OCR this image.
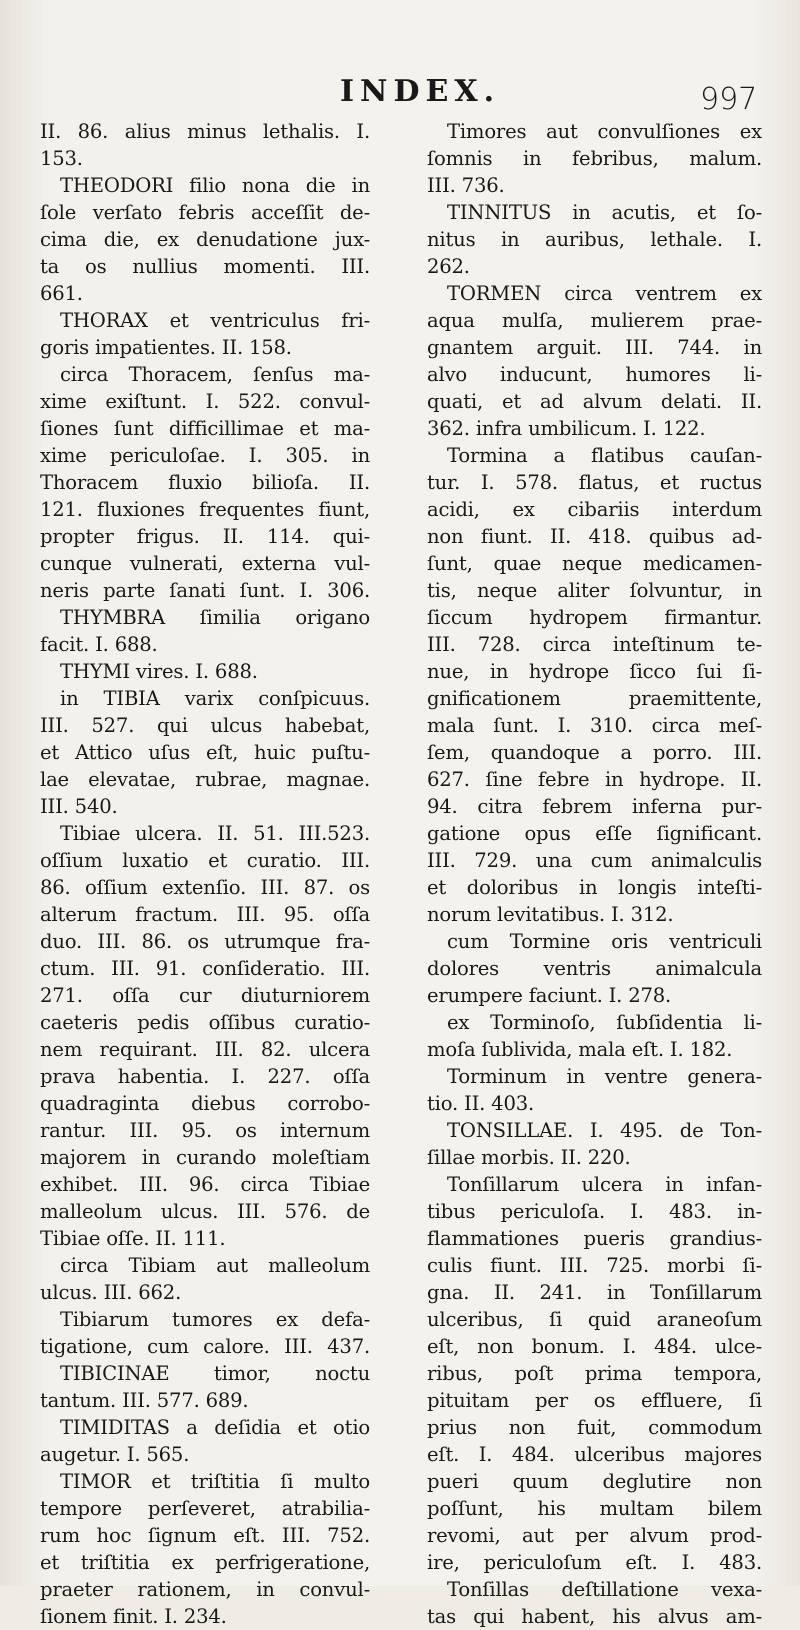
INDEX.	997
II. 86. alius minus lethalis. I.
153.
THEODORI filio nona die in
ſole verſato febris acceſſit de-
cima die, ex denudatione jux-
ta os nullius momenti. III.
661.
THORAX et ventriculus fri-
goris impatientes. II. 158.
circa Thoracem, ſenſus ma-
xime exiſtunt. I. 522. convul-
ſiones ſunt difficillimae et ma-
xime periculoſae. I. 305. in
Thoracem fluxio bilioſa. II.
121. fluxiones frequentes fiunt,
propter frigus. II. 114. qui-
cunque vulnerati, externa vul-
neris parte ſanati ſunt. I. 306.
THYMBRA ſimilia origano
facit. I. 688.
THYMI vires. I. 688.
in TIBIA varix conſpicuus.
III. 527. qui ulcus habebat,
et Attico uſus eſt, huic puſtu-
lae elevatae, rubrae, magnae.
III. 540.
Tibiae ulcera. II. 51. III.523.
oſſium luxatio et curatio. III.
86. oſſium extenſio. III. 87. os
alterum fractum. III. 95. oſſa
duo. III. 86. os utrumque fra-
ctum. III. 91. conſideratio. III.
271. oſſa cur diuturniorem
caeteris pedis oſſibus curatio-
nem requirant. III. 82. ulcera
prava habentia. I. 227. oſſa
quadraginta diebus corrobo-
rantur. III. 95. os internum
majorem in curando moleſtiam
exhibet. III. 96. circa Tibiae
malleolum ulcus. III. 576. de
Tibiae oſſe. II. 111.
circa Tibiam aut malleolum
ulcus. III. 662.
Tibiarum tumores ex defa-
tigatione, cum calore. III. 437.
TIBICINAE timor, noctu
tantum. III. 577. 689.
TIMIDITAS a deſidia et otio
augetur. I. 565.
TIMOR et triſtitia ſi multo
tempore perſeveret, atrabilia-
rum hoc ſignum eſt. III. 752.
et triſtitia ex perfrigeratione,
praeter rationem, in convul-
ſionem finit. I. 234.
Timores aut convulſiones ex
ſomnis in febribus, malum.
III. 736.
TINNITUS in acutis, et ſo-
nitus in auribus, lethale. I.
262.
TORMEN circa ventrem ex
aqua mulſa, mulierem prae-
gnantem arguit. III. 744. in
alvo inducunt, humores li-
quati, et ad alvum delati. II.
362. infra umbilicum. I. 122.
Tormina a flatibus cauſan-
tur. I. 578. flatus, et ructus
acidi, ex cibariis interdum
non fiunt. II. 418. quibus ad-
ſunt, quae neque medicamen-
tis, neque aliter ſolvuntur, in
ſiccum hydropem firmantur.
III. 728. circa inteſtinum te-
nue, in hydrope ſicco ſui ſi-
gnificationem praemittente,
mala ſunt. I. 310. circa meſ-
ſem, quandoque a porro. III.
627. ſine febre in hydrope. II.
94. citra febrem inferna pur-
gatione opus eſſe ſignificant.
III. 729. una cum animalculis
et doloribus in longis inteſti-
norum levitatibus. I. 312.
cum Tormine oris ventriculi
dolores ventris animalcula
erumpere faciunt. I. 278.
ex Torminoſo, ſubſidentia li-
moſa ſublivida, mala eſt. I. 182.
Torminum in ventre genera-
tio. II. 403.
TONSILLAE. I. 495. de Ton-
ſillae morbis. II. 220.
Tonſillarum ulcera in infan-
tibus periculoſa. I. 483. in-
flammationes pueris grandius-
culis fiunt. III. 725. morbi ſi-
gna. II. 241. in Tonſillarum
ulceribus, ſi quid araneoſum
eſt, non bonum. I. 484. ulce-
ribus, poſt prima tempora,
pituitam per os effluere, ſi
prius non fuit, commodum
eſt. I. 484. ulceribus majores
pueri quum deglutire non
poſſunt, his multam bilem
revomi, aut per alvum prod-
ire, periculoſum eſt. I. 483.
Tonſillas deſtillatione vexa-
tas qui habent, his alvus am-
